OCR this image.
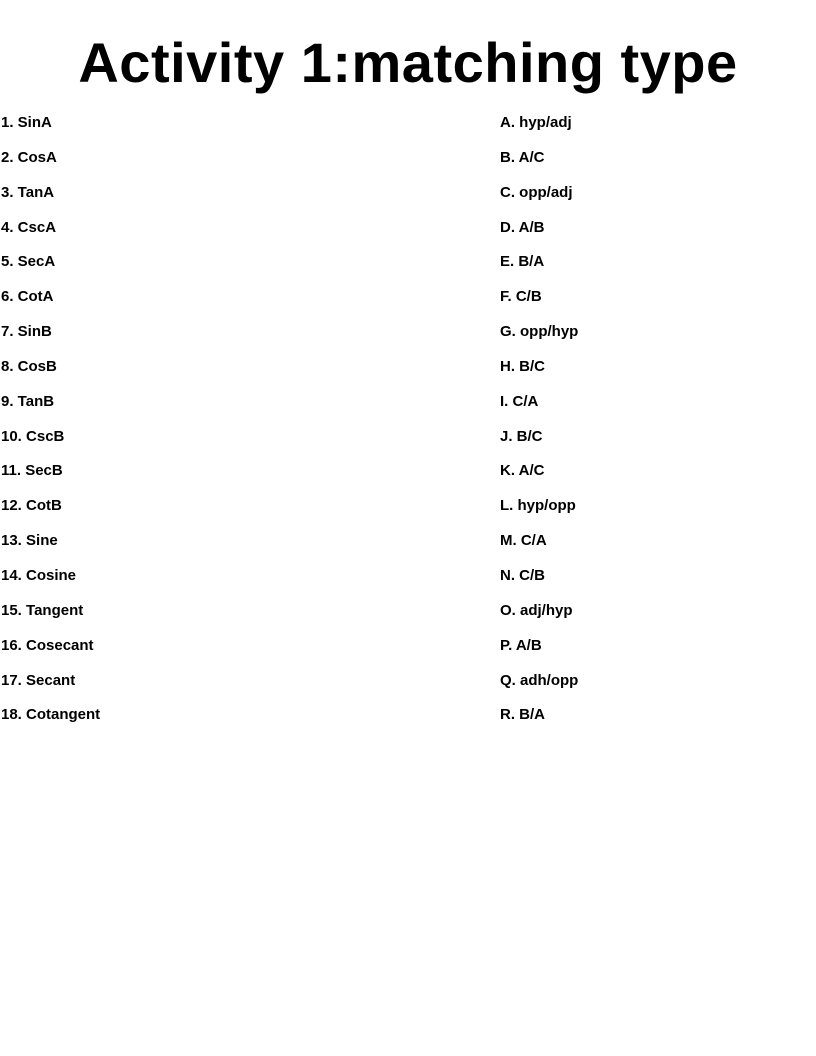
Activity 1:matching type
1. SinA
2. CosA
3. TanA
4. CscA
5. SecA
6. CotA
7. SinB
8. CosB
9. TanB
10. CscB
11. SecB
12. CotB
13. Sine
14. Cosine
15. Tangent
16. Cosecant
17. Secant
18. Cotangent
A. hyp/adj
B. A/C
C. opp/adj
D. A/B
E. B/A
F. C/B
G. opp/hyp
H. B/C
I. C/A
J. B/C
K. A/C
L. hyp/opp
M. C/A
N. C/B
O. adj/hyp
P. A/B
Q. adh/opp
R. B/A
